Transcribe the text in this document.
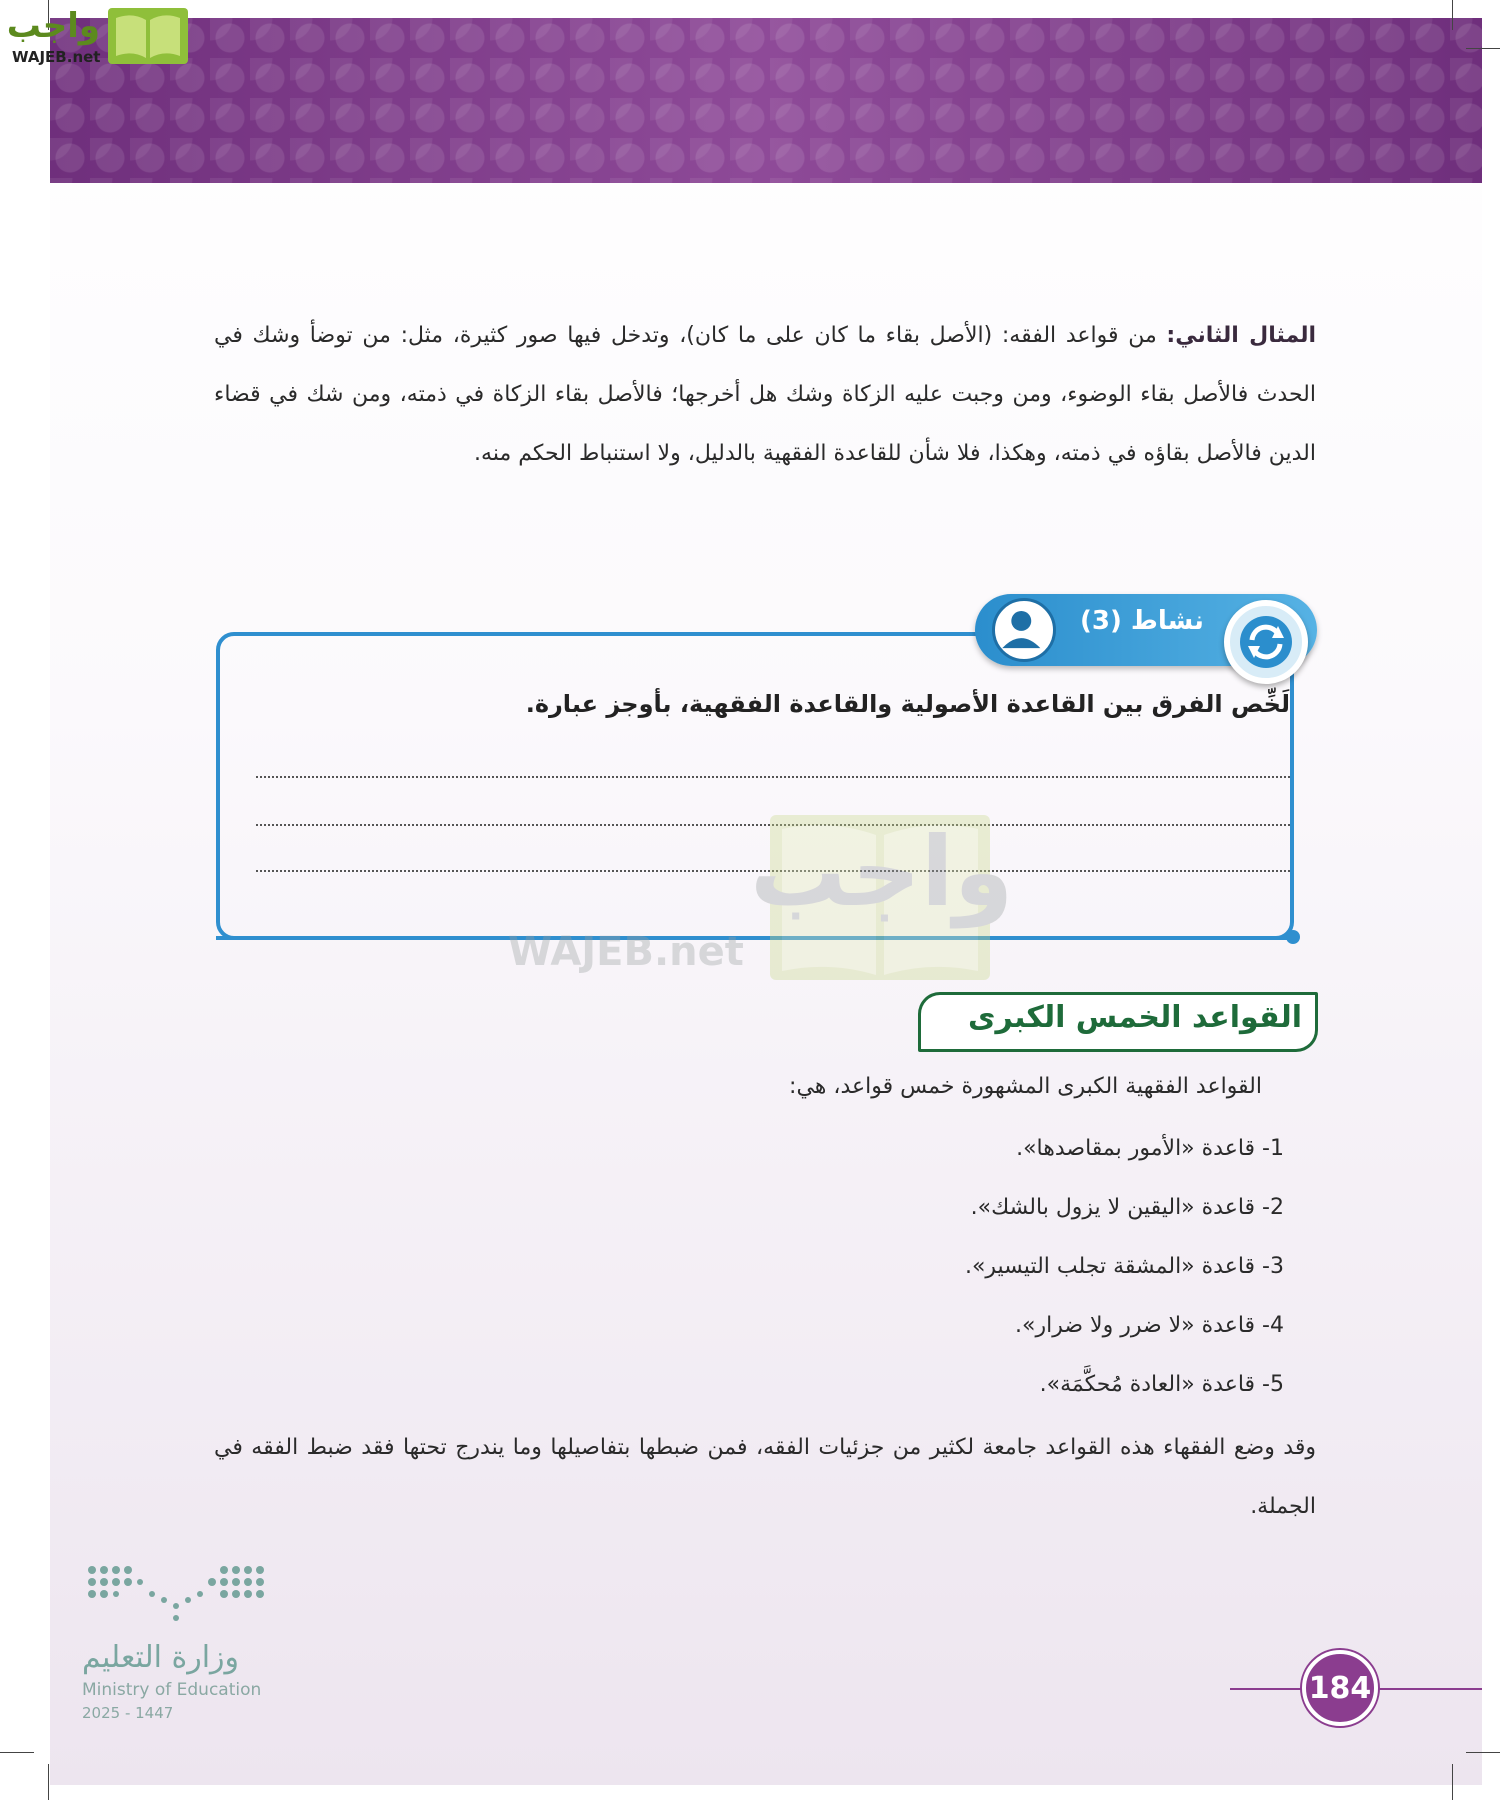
واجب
WAJEB.net
المثال الثاني: من قواعد الفقه: (الأصل بقاء ما كان على ما كان)، وتدخل فيها صور كثيرة، مثل: من توضأ وشك في الحدث فالأصل بقاء الوضوء، ومن وجبت عليه الزكاة وشك هل أخرجها؛ فالأصل بقاء الزكاة في ذمته، ومن شك في قضاء الدين فالأصل بقاؤه في ذمته، وهكذا، فلا شأن للقاعدة الفقهية بالدليل، ولا استنباط الحكم منه.
نشاط (3)
لَخِّص الفرق بين القاعدة الأصولية والقاعدة الفقهية، بأوجز عبارة.
واجب
WAJEB.net
القواعد الخمس الكبرى
القواعد الفقهية الكبرى المشهورة خمس قواعد، هي:
1- قاعدة «الأمور بمقاصدها».
2- قاعدة «اليقين لا يزول بالشك».
3- قاعدة «المشقة تجلب التيسير».
4- قاعدة «لا ضرر ولا ضرار».
5- قاعدة «العادة مُحكَّمَة».
وقد وضع الفقهاء هذه القواعد جامعة لكثير من جزئيات الفقه، فمن ضبطها بتفاصيلها وما يندرج تحتها فقد ضبط الفقه في الجملة.
وزارة التعليم
Ministry of Education
2025 - 1447
184
